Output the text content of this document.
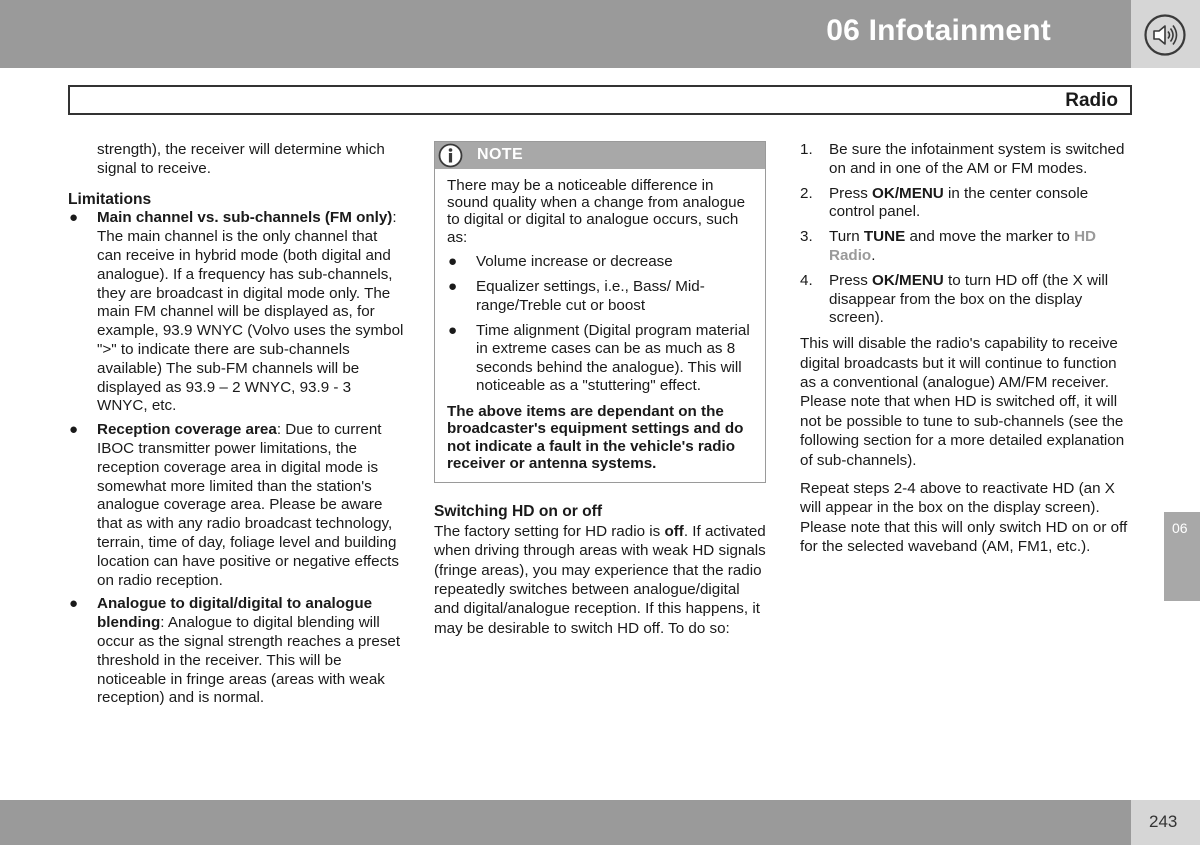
06 Infotainment
Radio

strength), the receiver will determine which signal to receive.

Limitations

● Main channel vs. sub-channels (FM only): The main channel is the only channel that can receive in hybrid mode (both digital and analogue). If a frequency has sub-channels, they are broadcast in digital mode only. The main FM channel will be displayed as, for example, 93.9 WNYC (Volvo uses the symbol ">" to indicate there are sub-channels available) The sub-FM channels will be displayed as 93.9 – 2 WNYC, 93.9 - 3 WNYC, etc.
● Reception coverage area: Due to current IBOC transmitter power limitations, the reception coverage area in digital mode is somewhat more limited than the station's analogue coverage area. Please be aware that as with any radio broadcast technology, terrain, time of day, foliage level and building location can have positive or negative effects on radio reception.
● Analogue to digital/digital to analogue blending: Analogue to digital blending will occur as the signal strength reaches a preset threshold in the receiver. This will be noticeable in fringe areas (areas with weak reception) and is normal.
NOTE

There may be a noticeable difference in sound quality when a change from analogue to digital or digital to analogue occurs, such as:

● Volume increase or decrease
● Equalizer settings, i.e., Bass/ Mid-range/Treble cut or boost
● Time alignment (Digital program material in extreme cases can be as much as 8 seconds behind the analogue). This will noticeable as a "stuttering" effect.

The above items are dependant on the broadcaster's equipment settings and do not indicate a fault in the vehicle's radio receiver or antenna systems.

Switching HD on or off

The factory setting for HD radio is off. If activated when driving through areas with weak HD signals (fringe areas), you may experience that the radio repeatedly switches between analogue/digital and digital/analogue reception. If this happens, it may be desirable to switch HD off. To do so:

1. Be sure the infotainment system is switched on and in one of the AM or FM modes.
2. Press OK/MENU in the center console control panel.
3. Turn TUNE and move the marker to HD Radio.
4. Press OK/MENU to turn HD off (the X will disappear from the box on the display screen).

This will disable the radio's capability to receive digital broadcasts but it will continue to function as a conventional (analogue) AM/FM receiver. Please note that when HD is switched off, it will not be possible to tune to sub-channels (see the following section for a more detailed explanation of sub-channels).

Repeat steps 2-4 above to reactivate HD (an X will appear in the box on the display screen). Please note that this will only switch HD on or off for the selected waveband (AM, FM1, etc.).

06
243
